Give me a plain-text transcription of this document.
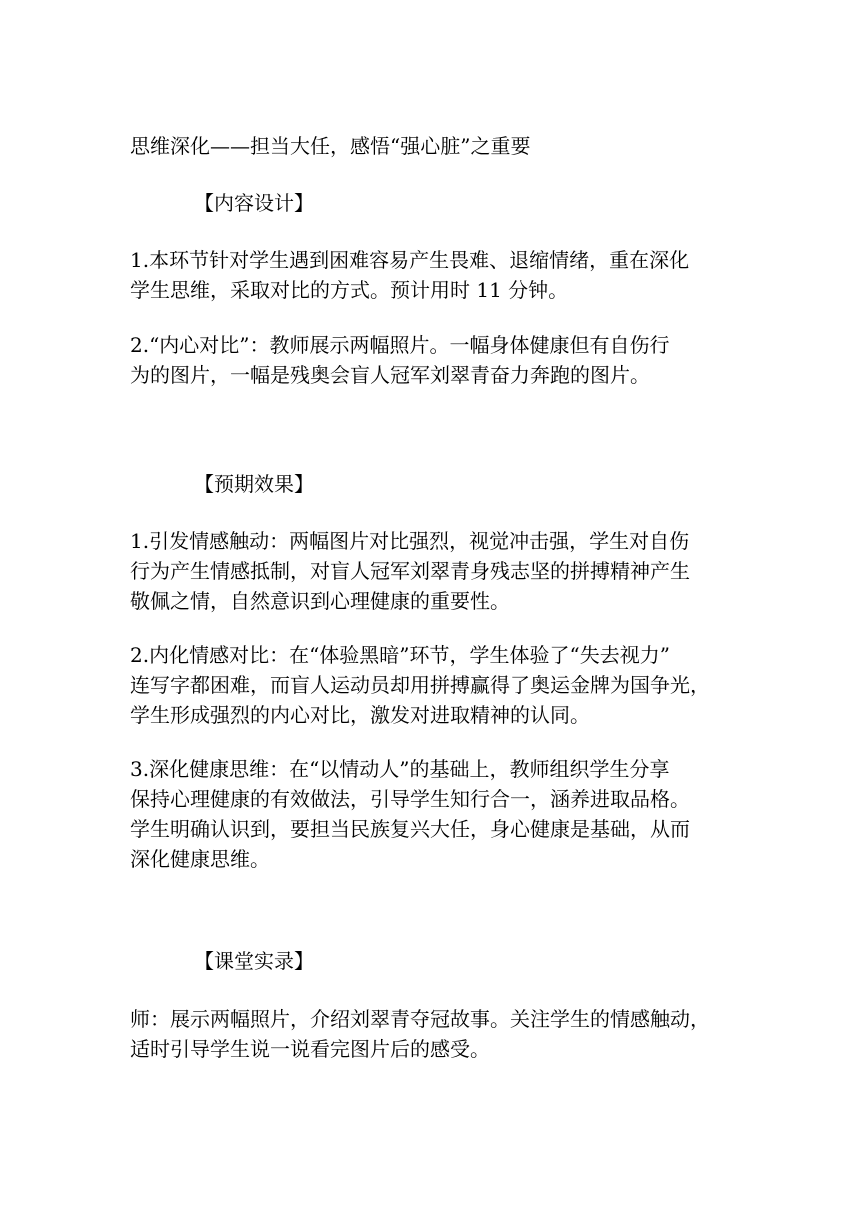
思维深化——担当大任，感悟“强心脏”之重要
【内容设计】
1.本环节针对学生遇到困难容易产生畏难、退缩情绪，重在深化
学生思维，采取对比的方式。预计用时 11 分钟。
2.“内心对比”：教师展示两幅照片。一幅身体健康但有自伤行
为的图片，一幅是残奥会盲人冠军刘翠青奋力奔跑的图片。
【预期效果】
1.引发情感触动：两幅图片对比强烈，视觉冲击强，学生对自伤
行为产生情感抵制，对盲人冠军刘翠青身残志坚的拼搏精神产生
敬佩之情，自然意识到心理健康的重要性。
2.内化情感对比：在“体验黑暗”环节，学生体验了“失去视力”
连写字都困难，而盲人运动员却用拼搏赢得了奥运金牌为国争光，
学生形成强烈的内心对比，激发对进取精神的认同。
3.深化健康思维：在“以情动人”的基础上，教师组织学生分享
保持心理健康的有效做法，引导学生知行合一，涵养进取品格。
学生明确认识到，要担当民族复兴大任，身心健康是基础，从而
深化健康思维。
【课堂实录】
师：展示两幅照片，介绍刘翠青夺冠故事。关注学生的情感触动，
适时引导学生说一说看完图片后的感受。
